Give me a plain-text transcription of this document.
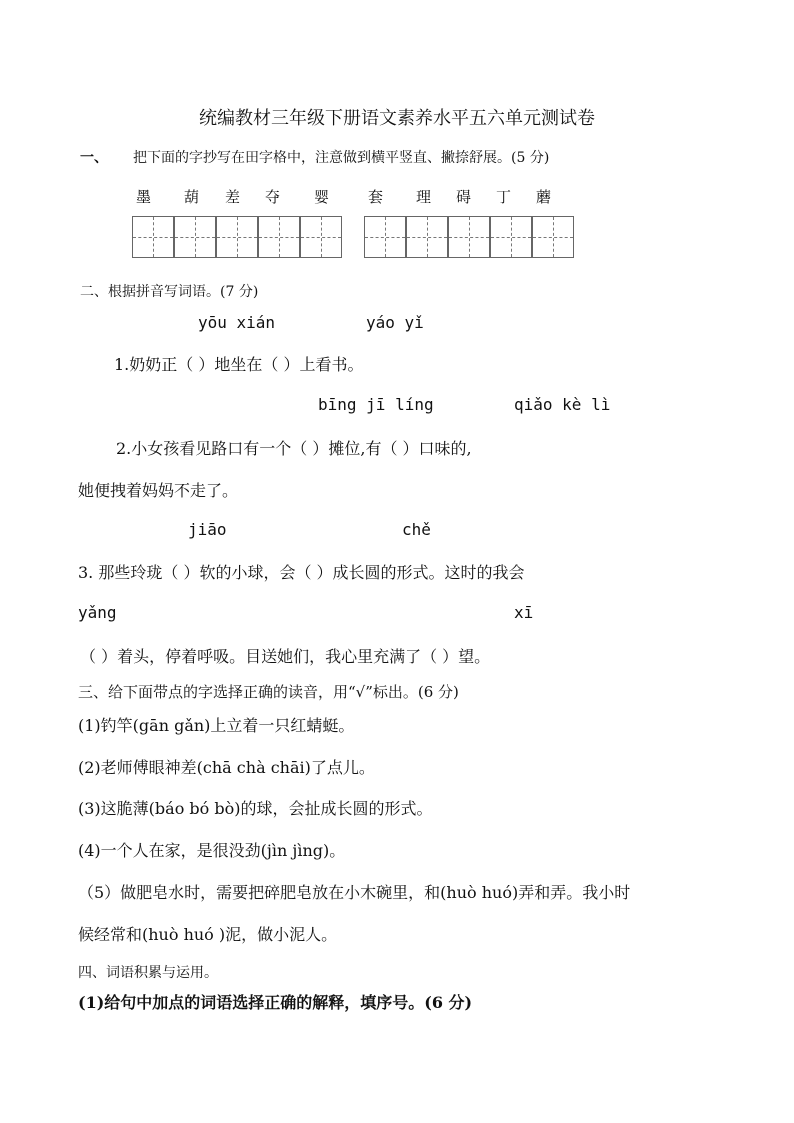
统编教材三年级下册语文素养水平五六单元测试卷
一、 把下面的字抄写在田字格中，注意做到横平竖直、撇捺舒展。(5 分)
墨 葫 差 夺 婴	套 理 碍 丁 蘑
二、根据拼音写词语。(7 分)
yōu xián	yáo yǐ
1.奶奶正（ ）地坐在（ ）上看书。
bīng jī líng	qiǎo kè lì
2.小女孩看见路口有一个（ ）摊位,有（ ）口味的,
她便拽着妈妈不走了。
jiāo	chě
3. 那些玲珑（ ）软的小球，会（ ）成长圆的形式。这时的我会
yǎng	xī
（ ）着头，停着呼吸。目送她们，我心里充满了（ ）望。
三、给下面带点的字选择正确的读音，用“√”标出。(6 分)
(1)钓竿(gān gǎn)上立着一只红蜻蜓。
(2)老师傅眼神差(chā chà chāi)了点儿。
(3)这脆薄(báo bó bò)的球，会扯成长圆的形式。
(4)一个人在家，是很没劲(jìn jìng)。
（5）做肥皂水时，需要把碎肥皂放在小木碗里，和(huò huó)弄和弄。我小时
候经常和(huò huó )泥，做小泥人。
四、词语积累与运用。
(1)给句中加点的词语选择正确的解释，填序号。(6 分)
